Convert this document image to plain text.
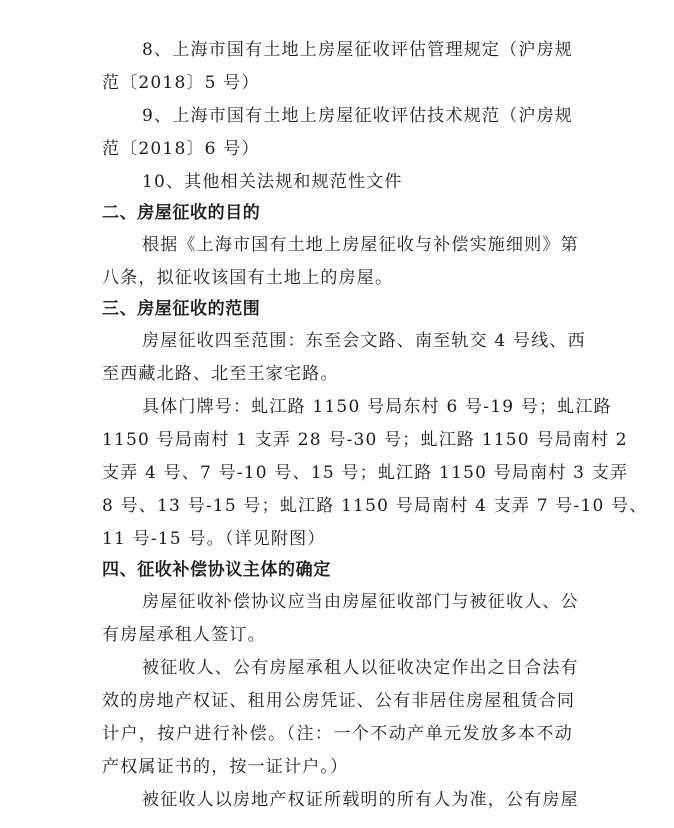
8、上海市国有土地上房屋征收评估管理规定（沪房规
范〔2018〕5 号）
9、上海市国有土地上房屋征收评估技术规范（沪房规
范〔2018〕6 号）
10、其他相关法规和规范性文件
二、房屋征收的目的
根据《上海市国有土地上房屋征收与补偿实施细则》第
八条，拟征收该国有土地上的房屋。
三、房屋征收的范围
房屋征收四至范围：东至会文路、南至轨交 4 号线、西
至西藏北路、北至王家宅路。
具体门牌号：虬江路 1150 号局东村 6 号-19 号；虬江路
1150 号局南村 1 支弄 28 号-30 号；虬江路 1150 号局南村 2
支弄 4 号、7 号-10 号、15 号；虬江路 1150 号局南村 3 支弄
8 号、13 号-15 号；虬江路 1150 号局南村 4 支弄 7 号-10 号、
11 号-15 号。（详见附图）
四、征收补偿协议主体的确定
房屋征收补偿协议应当由房屋征收部门与被征收人、公
有房屋承租人签订。
被征收人、公有房屋承租人以征收决定作出之日合法有
效的房地产权证、租用公房凭证、公有非居住房屋租赁合同
计户，按户进行补偿。（注：一个不动产单元发放多本不动
产权属证书的，按一证计户。）
被征收人以房地产权证所载明的所有人为准，公有房屋
